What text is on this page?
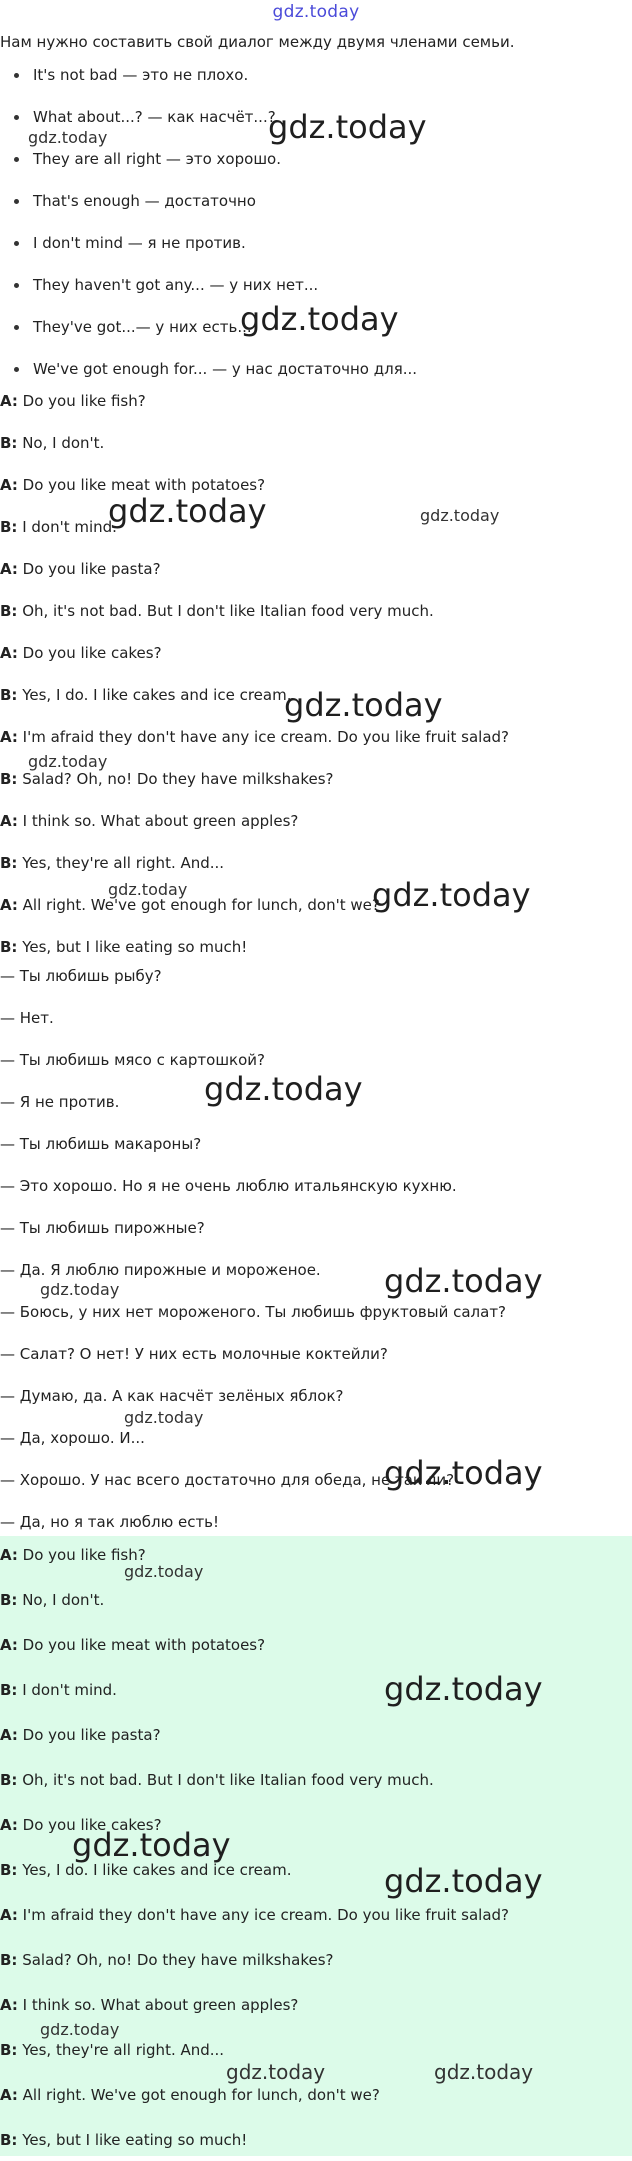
gdz.today

Нам нужно составить свой диалог между двумя членами семьи.

It's not bad — это не плохо.
What about...? — как насчёт...?
They are all right — это хорошо.
That's enough — достаточно
I don't mind — я не против.
They haven't got any... — у них нет...
They've got...— у них есть...
We've got enough for... — у нас достаточно для...

A: Do you like fish?

B: No, I don't.

A: Do you like meat with potatoes?

B: I don't mind.

A: Do you like pasta?

B: Oh, it's not bad. But I don't like Italian food very much.

A: Do you like cakes?

B: Yes, I do. I like cakes and ice cream.

A: I'm afraid they don't have any ice cream. Do you like fruit salad?

B: Salad? Oh, no! Do they have milkshakes?

A: I think so. What about green apples?

B: Yes, they're all right. And...

A: All right. We've got enough for lunch, don't we?

B: Yes, but I like eating so much!

— Ты любишь рыбу?

— Нет.

— Ты любишь мясо с картошкой?

— Я не против.

— Ты любишь макароны?

— Это хорошо. Но я не очень люблю итальянскую кухню.

— Ты любишь пирожные?

— Да. Я люблю пирожные и мороженое.

— Боюсь, у них нет мороженого. Ты любишь фруктовый салат?

— Салат? О нет! У них есть молочные коктейли?

— Думаю, да. А как насчёт зелёных яблок?

— Да, хорошо. И...

— Хорошо. У нас всего достаточно для обеда, не так ли?

— Да, но я так люблю есть!

A: Do you like fish?

B: No, I don't.

A: Do you like meat with potatoes?

B: I don't mind.

A: Do you like pasta?

B: Oh, it's not bad. But I don't like Italian food very much.

A: Do you like cakes?

B: Yes, I do. I like cakes and ice cream.

A: I'm afraid they don't have any ice cream. Do you like fruit salad?

B: Salad? Oh, no! Do they have milkshakes?

A: I think so. What about green apples?

B: Yes, they're all right. And...

A: All right. We've got enough for lunch, don't we?

B: Yes, but I like eating so much!

gdz.today
gdz.today
gdz.today
gdz.today	gdz.today
gdz.today
gdz.today
gdz.today	gdz.today
gdz.today
gdz.today
gdz.today
gdz.today
gdz.today
gdz.today
gdz.today
gdz.today
gdz.today
gdz.today
gdz.today	gdz.today
